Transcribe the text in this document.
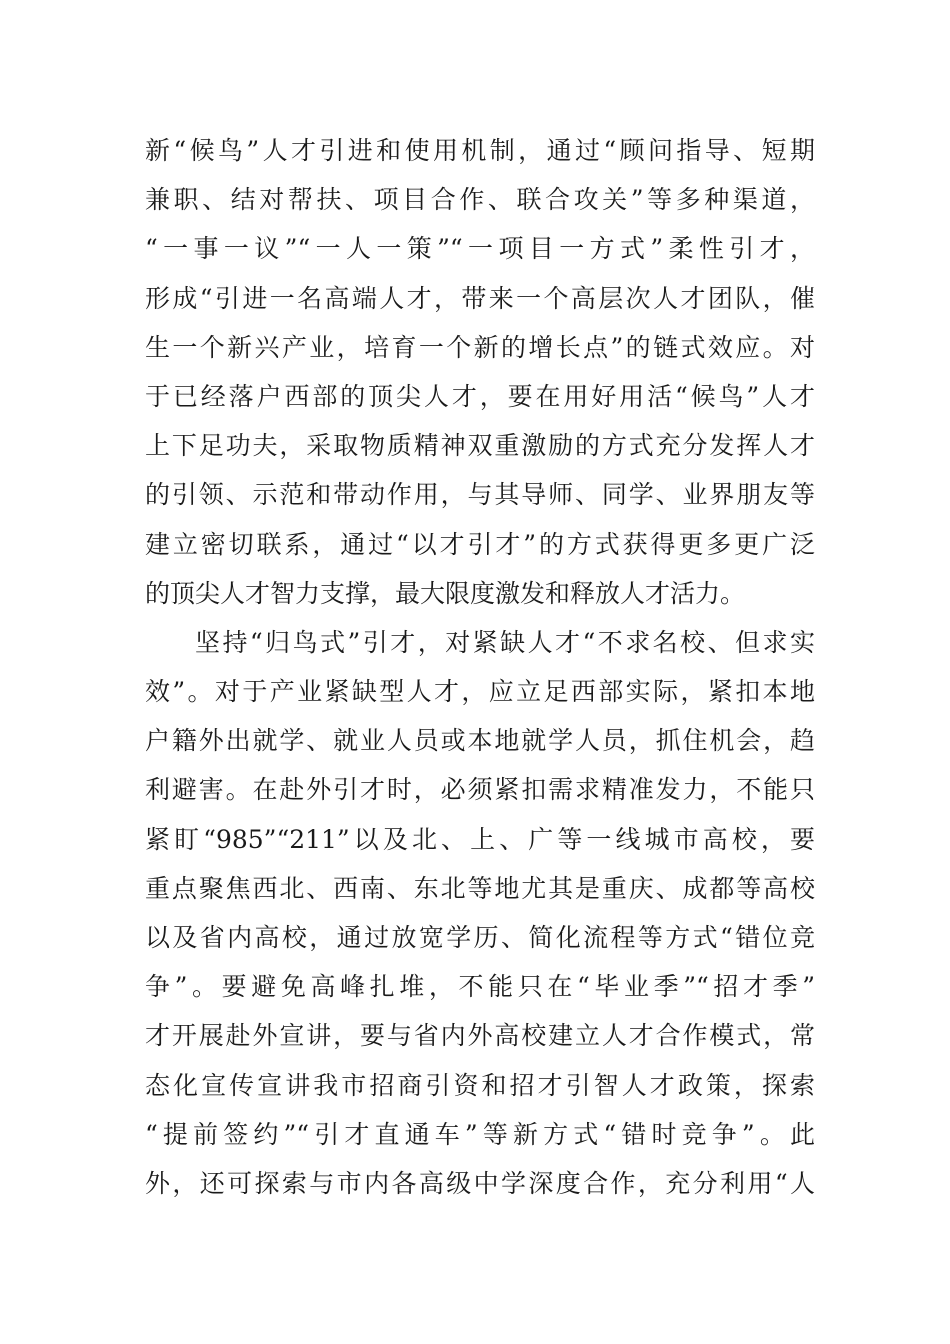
新“候鸟”人才引进和使用机制，通过“顾问指导、短期
兼职、结对帮扶、项目合作、联合攻关”等多种渠道，
“一事一议”“一人一策”“一项目一方式”柔性引才，
形成“引进一名高端人才，带来一个高层次人才团队，催
生一个新兴产业，培育一个新的增长点”的链式效应。对
于已经落户西部的顶尖人才，要在用好用活“候鸟”人才
上下足功夫，采取物质精神双重激励的方式充分发挥人才
的引领、示范和带动作用，与其导师、同学、业界朋友等
建立密切联系，通过“以才引才”的方式获得更多更广泛
的顶尖人才智力支撑，最大限度激发和释放人才活力。
坚持“归鸟式”引才，对紧缺人才“不求名校、但求实
效”。对于产业紧缺型人才，应立足西部实际，紧扣本地
户籍外出就学、就业人员或本地就学人员，抓住机会，趋
利避害。在赴外引才时，必须紧扣需求精准发力，不能只
紧盯“985”“211”以及北、上、广等一线城市高校，要
重点聚焦西北、西南、东北等地尤其是重庆、成都等高校
以及省内高校，通过放宽学历、简化流程等方式“错位竞
争”。要避免高峰扎堆，不能只在“毕业季”“招才季”
才开展赴外宣讲，要与省内外高校建立人才合作模式，常
态化宣传宣讲我市招商引资和招才引智人才政策，探索
“提前签约”“引才直通车”等新方式“错时竞争”。此
外，还可探索与市内各高级中学深度合作，充分利用“人
